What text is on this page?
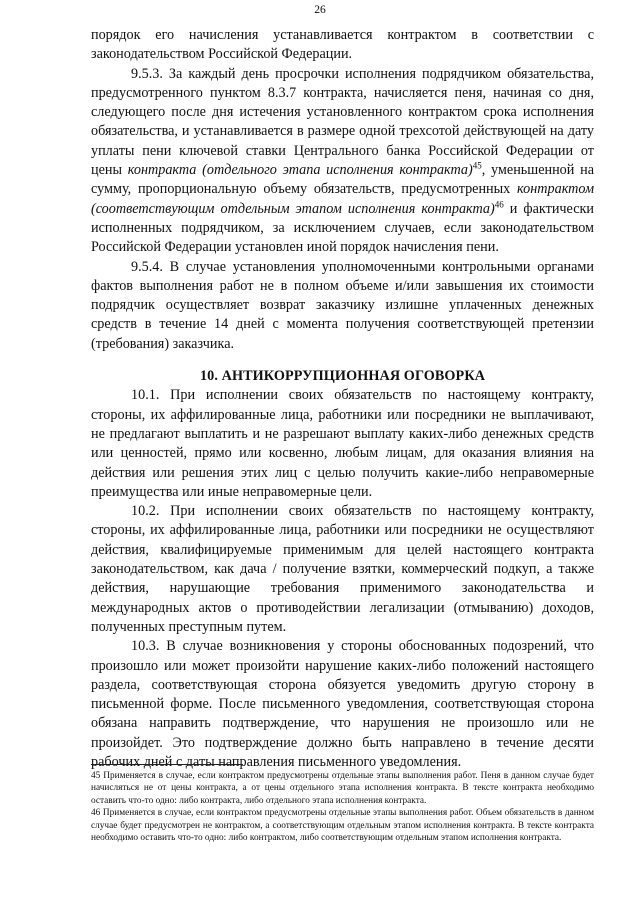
26

порядок его начисления устанавливается контрактом в соответствии с законодательством Российской Федерации.

9.5.3. За каждый день просрочки исполнения подрядчиком обязательства, предусмотренного пунктом 8.3.7 контракта, начисляется пеня, начиная со дня, следующего после дня истечения установленного контрактом срока исполнения обязательства, и устанавливается в размере одной трехсотой действующей на дату уплаты пени ключевой ставки Центрального банка Российской Федерации от цены контракта (отдельного этапа исполнения контракта)$^{45}$, уменьшенной на сумму, пропорциональную объему обязательств, предусмотренных контрактом (соответствующим отдельным этапом исполнения контракта)$^{46}$ и фактически исполненных подрядчиком, за исключением случаев, если законодательством Российской Федерации установлен иной порядок начисления пени.

9.5.4. В случае установления уполномоченными контрольными органами фактов выполнения работ не в полном объеме и/или завышения их стоимости подрядчик осуществляет возврат заказчику излишне уплаченных денежных средств в течение 14 дней с момента получения соответствующей претензии (требования) заказчика.

10. АНТИКОРРУПЦИОННАЯ ОГОВОРКА

10.1. При исполнении своих обязательств по настоящему контракту, стороны, их аффилированные лица, работники или посредники не выплачивают, не предлагают выплатить и не разрешают выплату каких-либо денежных средств или ценностей, прямо или косвенно, любым лицам, для оказания влияния на действия или решения этих лиц с целью получить какие-либо неправомерные преимущества или иные неправомерные цели.

10.2. При исполнении своих обязательств по настоящему контракту, стороны, их аффилированные лица, работники или посредники не осуществляют действия, квалифицируемые применимым для целей настоящего контракта законодательством, как дача / получение взятки, коммерческий подкуп, а также действия, нарушающие требования применимого законодательства и международных актов о противодействии легализации (отмыванию) доходов, полученных преступным путем.

10.3. В случае возникновения у стороны обоснованных подозрений, что произошло или может произойти нарушение каких-либо положений настоящего раздела, соответствующая сторона обязуется уведомить другую сторону в письменной форме. После письменного уведомления, соответствующая сторона обязана направить подтверждение, что нарушения не произошло или не произойдет. Это подтверждение должно быть направлено в течение десяти рабочих дней с даты направления письменного уведомления.

45 Применяется в случае, если контрактом предусмотрены отдельные этапы выполнения работ. Пеня в данном случае будет начисляться не от цены контракта, а от цены отдельного этапа исполнения контракта. В тексте контракта необходимо оставить что-то одно: либо контракта, либо отдельного этапа исполнения контракта.

46 Применяется в случае, если контрактом предусмотрены отдельные этапы выполнения работ. Объем обязательств в данном случае будет предусмотрен не контрактом, а соответствующим отдельным этапом исполнения контракта. В тексте контракта необходимо оставить что-то одно: либо контрактом, либо соответствующим отдельным этапом исполнения контракта.
